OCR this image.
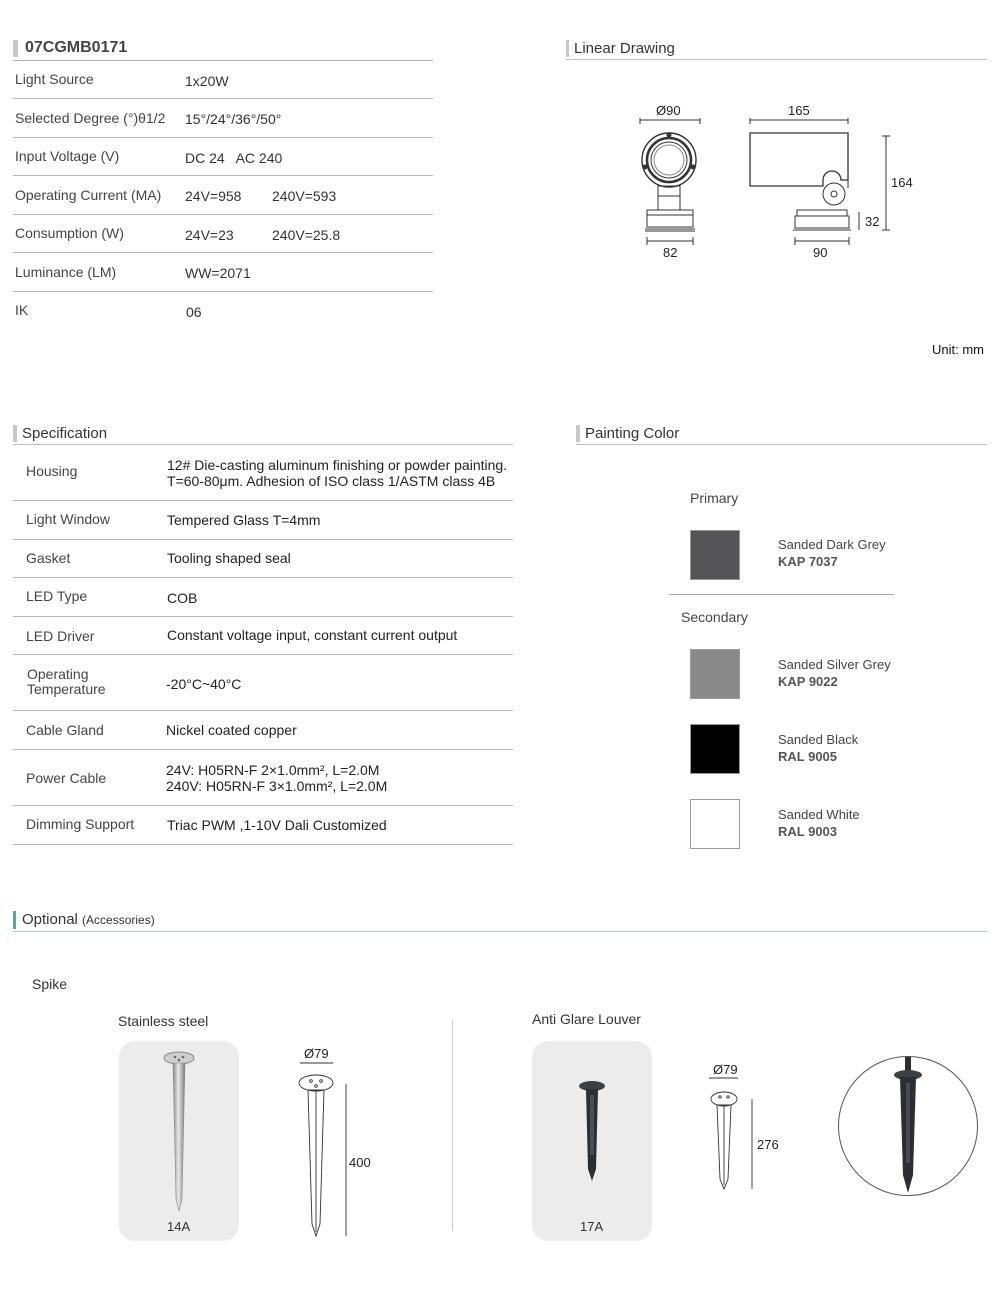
07CGMB0171
Light Source	1x20W
Selected Degree (°)θ1/2 15°/24°/36°/50°
Input Voltage (V)	DC 24   AC 240
Operating Current (MA) 24V=958 240V=593
Consumption (W)	24V=23	240V=25.8
Luminance (LM)	WW=2071
IK	06
Linear Drawing
Ø90
82
165
164
32
90
Unit: mm
Specification
Housing	12# Die-casting aluminum finishing or powder painting.
T=60-80μm. Adhesion of ISO class 1/ASTM class 4B
Light Window	Tempered Glass T=4mm
Gasket	Tooling shaped seal
LED Type	COB
LED Driver	Constant voltage input, constant current output
Operating
Temperature	-20°C~40°C
Cable Gland	Nickel coated copper
Power Cable	24V: H05RN-F 2×1.0mm², L=2.0M
240V: H05RN-F 3×1.0mm², L=2.0M
Dimming Support Triac PWM ,1-10V Dali Customized
Painting Color
Primary
Sanded Dark Grey
KAP 7037
Secondary
Sanded Silver Grey
KAP 9022
Sanded Black
RAL 9005
Sanded White
RAL 9003
Optional (Accessories)
Spike
Stainless steel
14A
Ø79
400
Anti Glare Louver
17A
Ø79
276
